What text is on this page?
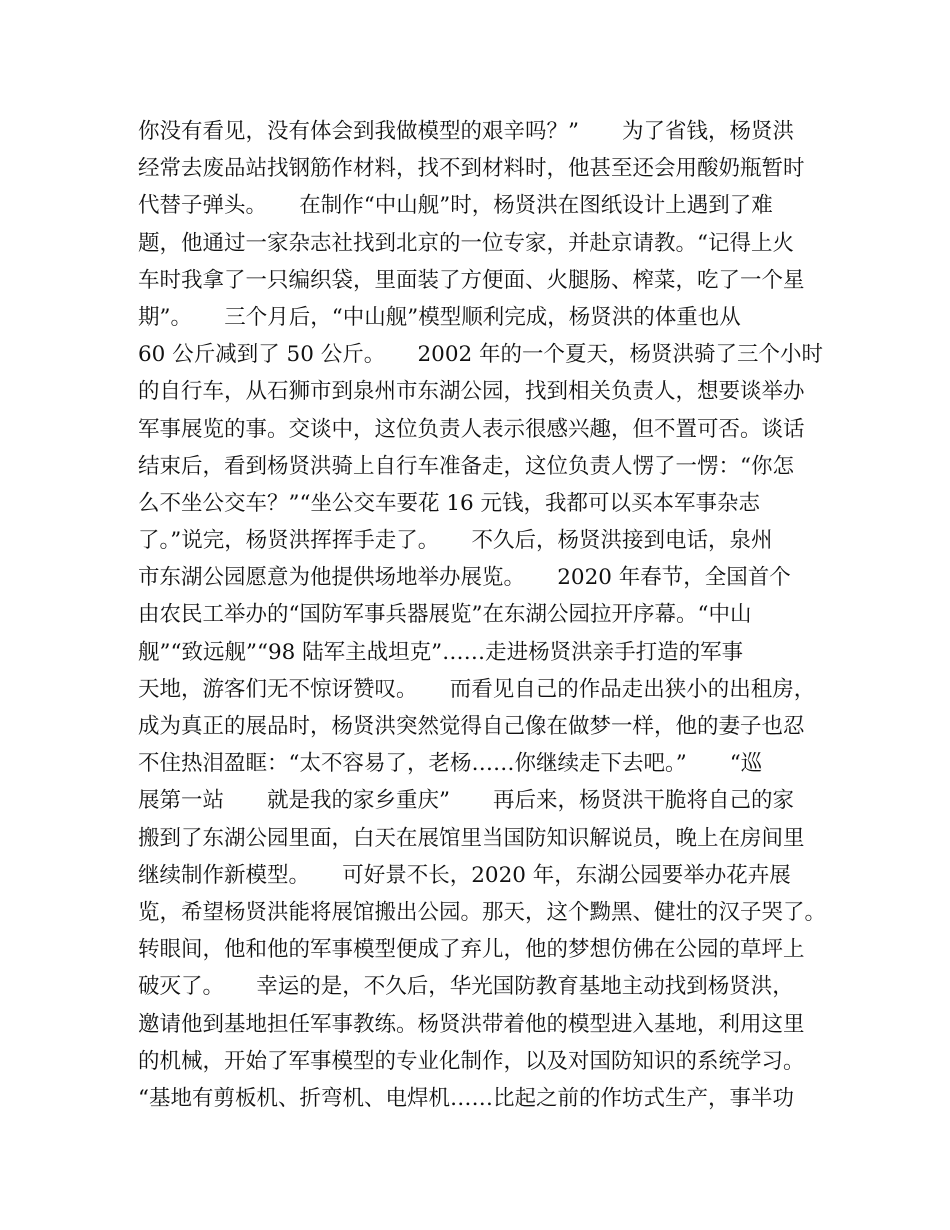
你没有看见，没有体会到我做模型的艰辛吗？”　　为了省钱，杨贤洪
经常去废品站找钢筋作材料，找不到材料时，他甚至还会用酸奶瓶暂时
代替子弹头。　　在制作“中山舰”时，杨贤洪在图纸设计上遇到了难
题，他通过一家杂志社找到北京的一位专家，并赴京请教。“记得上火
车时我拿了一只编织袋，里面装了方便面、火腿肠、榨菜，吃了一个星
期”。　　三个月后，“中山舰”模型顺利完成，杨贤洪的体重也从
60 公斤减到了 50 公斤。　　2002 年的一个夏天，杨贤洪骑了三个小时
的自行车，从石狮市到泉州市东湖公园，找到相关负责人，想要谈举办
军事展览的事。交谈中，这位负责人表示很感兴趣，但不置可否。谈话
结束后，看到杨贤洪骑上自行车准备走，这位负责人愣了一愣：“你怎
么不坐公交车？”“坐公交车要花 16 元钱，我都可以买本军事杂志
了。”说完，杨贤洪挥挥手走了。　　不久后，杨贤洪接到电话，泉州
市东湖公园愿意为他提供场地举办展览。　　2020 年春节，全国首个
由农民工举办的“国防军事兵器展览”在东湖公园拉开序幕。“中山
舰”“致远舰”“98 陆军主战坦克”……走进杨贤洪亲手打造的军事
天地，游客们无不惊讶赞叹。　　而看见自己的作品走出狭小的出租房，
成为真正的展品时，杨贤洪突然觉得自己像在做梦一样，他的妻子也忍
不住热泪盈眶：“太不容易了，老杨……你继续走下去吧。”　　“巡
展第一站　　就是我的家乡重庆”　　再后来，杨贤洪干脆将自己的家
搬到了东湖公园里面，白天在展馆里当国防知识解说员，晚上在房间里
继续制作新模型。　　可好景不长，2020 年，东湖公园要举办花卉展
览，希望杨贤洪能将展馆搬出公园。那天，这个黝黑、健壮的汉子哭了。
转眼间，他和他的军事模型便成了弃儿，他的梦想仿佛在公园的草坪上
破灭了。　　幸运的是，不久后，华光国防教育基地主动找到杨贤洪，
邀请他到基地担任军事教练。杨贤洪带着他的模型进入基地，利用这里
的机械，开始了军事模型的专业化制作，以及对国防知识的系统学习。
“基地有剪板机、折弯机、电焊机……比起之前的作坊式生产，事半功
